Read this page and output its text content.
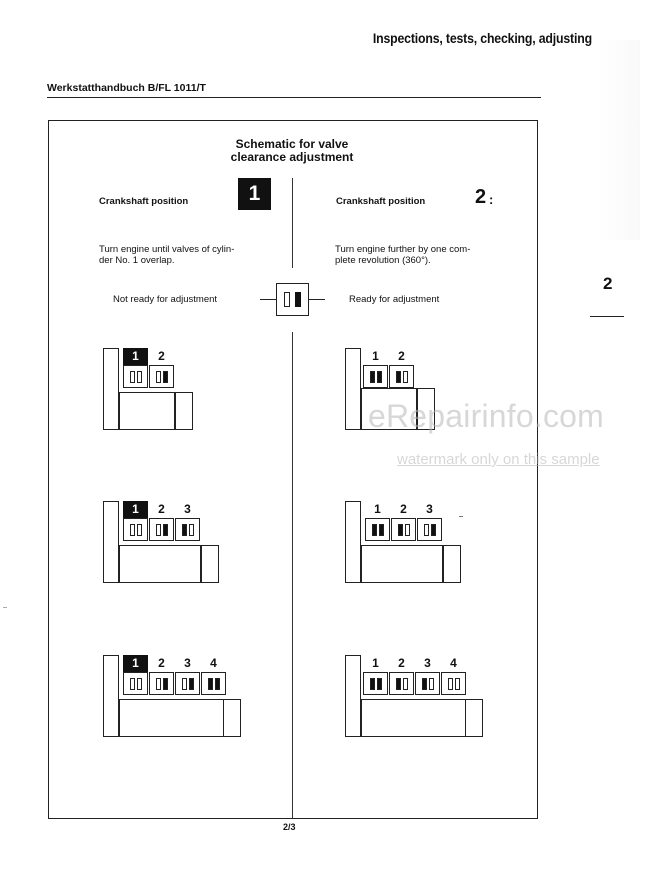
Inspections, tests, checking, adjusting
Werkstatthandbuch B/FL 1011/T
2
Schematic for valve
clearance adjustment
Crankshaft position	1
Turn engine until valves of cylin-
der No. 1 overlap.
Not ready for adjustment
Crankshaft position 2 :
Turn engine further by one com-
plete revolution (360°).
Ready for adjustment
1	2	1	2
1	2	3	1	2	3
1	2	3	4	1	2	3	4
2/3
eRepairinfo.com
watermark only on this sample
